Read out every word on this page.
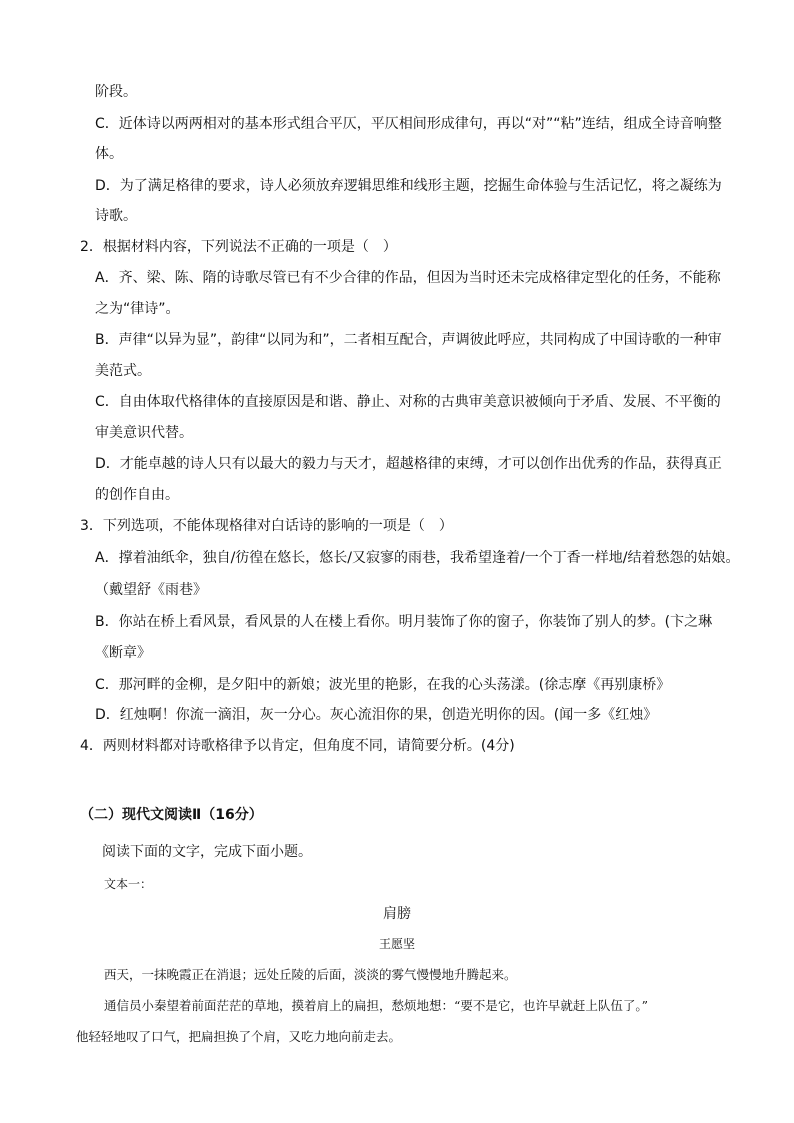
阶段。
C．近体诗以两两相对的基本形式组合平仄，平仄相间形成律句，再以“对”“粘”连结，组成全诗音响整
体。
D．为了满足格律的要求，诗人必须放弃逻辑思维和线形主题，挖掘生命体验与生活记忆，将之凝练为
诗歌。
2．根据材料内容，下列说法不正确的一项是（　）
A．齐、梁、陈、隋的诗歌尽管已有不少合律的作品，但因为当时还未完成格律定型化的任务，不能称
之为“律诗”。
B．声律“以异为显”，韵律“以同为和”，二者相互配合，声调彼此呼应，共同构成了中国诗歌的一种审
美范式。
C．自由体取代格律体的直接原因是和谐、静止、对称的古典审美意识被倾向于矛盾、发展、不平衡的
审美意识代替。
D．才能卓越的诗人只有以最大的毅力与天才，超越格律的束缚，才可以创作出优秀的作品，获得真正
的创作自由。
3．下列选项，不能体现格律对白话诗的影响的一项是（　）
A．撑着油纸伞，独自/彷徨在悠长，悠长/又寂寥的雨巷，我希望逢着/一个丁香一样地/结着愁怨的姑娘。
（戴望舒《雨巷》
B．你站在桥上看风景，看风景的人在楼上看你。明月装饰了你的窗子，你装饰了别人的梦。(卞之琳
《断章》
C．那河畔的金柳，是夕阳中的新娘；波光里的艳影，在我的心头荡漾。(徐志摩《再别康桥》
D．红烛啊！你流一滴泪，灰一分心。灰心流泪你的果，创造光明你的因。(闻一多《红烛》
4．两则材料都对诗歌格律予以肯定，但角度不同，请简要分析。(4分)
（二）现代文阅读Ⅱ（16分）
阅读下面的文字，完成下面小题。
文本一：
肩膀
王愿坚
西天，一抹晚霞正在消退；远处丘陵的后面，淡淡的雾气慢慢地升腾起来。
通信员小秦望着前面茫茫的草地，摸着肩上的扁担，愁烦地想：“要不是它，也许早就赶上队伍了。”
他轻轻地叹了口气，把扁担换了个肩，又吃力地向前走去。
